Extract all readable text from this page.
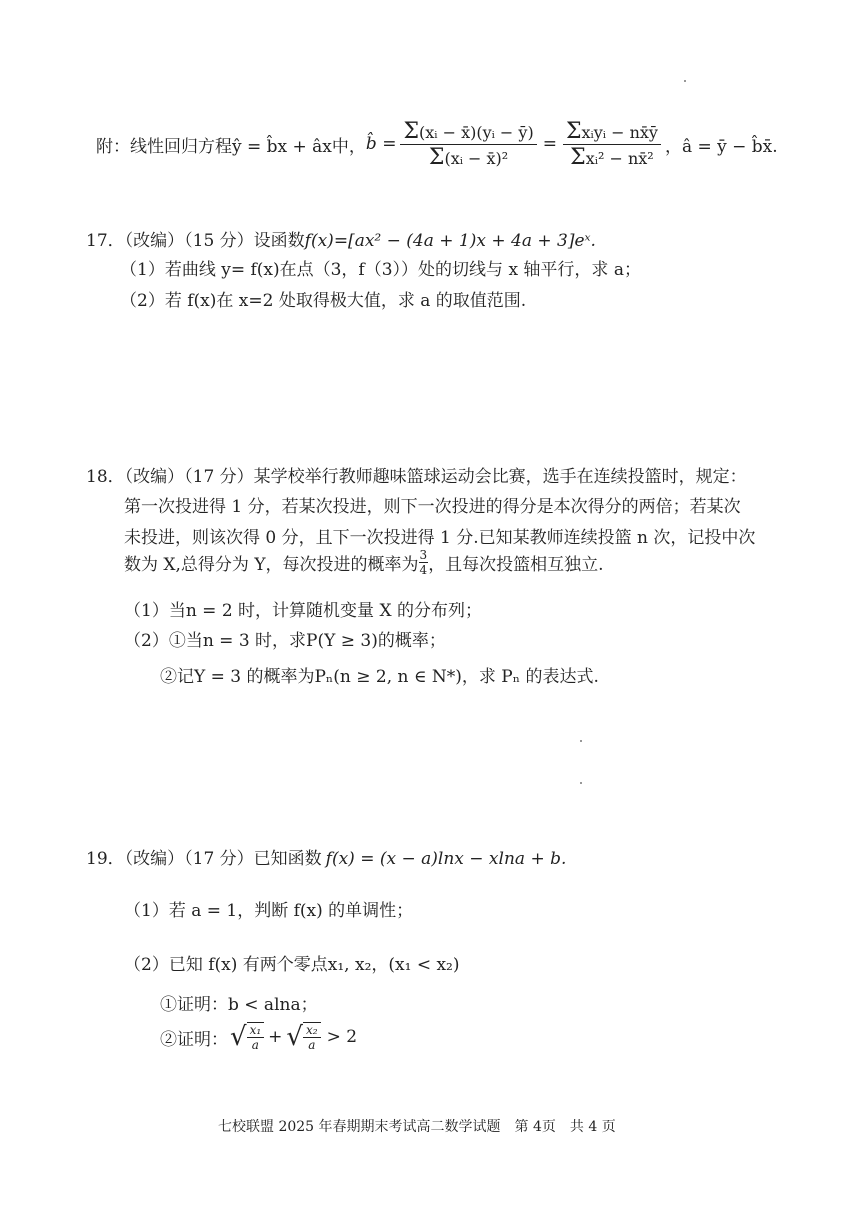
附：线性回归方程ŷ = b̂x + âx中， b̂ = $\frac{\text{Σ(xᵢ − x̄)(yᵢ − ȳ)}}{\text{Σ(xᵢ − x̄)²}} = \frac{\text{Σxᵢyᵢ − nx̄ȳ}}{\text{Σxᵢ² − nx̄²}}$ ，â = ȳ − b̂x̄.
17．（改编）（15 分）设函数f(x)=[ax² − (4a + 1)x + 4a + 3]eˣ.
（1）若曲线 y= f(x)在点（3，f（3））处的切线与 x 轴平行，求 a；
（2）若 f(x)在 x=2 处取得极大值，求 a 的取值范围.
18．（改编）（17 分）某学校举行教师趣味篮球运动会比赛，选手在连续投篮时，规定：
第一次投进得 1 分，若某次投进，则下一次投进的得分是本次得分的两倍；若某次
未投进，则该次得 0 分，且下一次投进得 1 分.已知某教师连续投篮 n 次，记投中次
数为 X,总得分为 Y，每次投进的概率为 $\frac{3}{4}$ ，且每次投篮相互独立.
（1）当n = 2 时，计算随机变量 X 的分布列；
（2）①当n = 3 时，求P(Y ≥ 3)的概率；
②记Y = 3 的概率为Pₙ(n ≥ 2, n ∈ N*)，求 Pₙ 的表达式.
19．（改编）（17 分）已知函数 f(x) = (x − a)lnx − xlna + b.
（1）若 a = 1，判断 f(x) 的单调性；
（2）已知 f(x) 有两个零点x₁, x₂，(x₁ < x₂)
①证明：b < alna；
②证明： √ $\frac{\text{x₁}}{a}$ + √ $\frac{\text{x₂}}{a} > 2$
七校联盟 2025 年春期期末考试高二数学试题　第 4页　共 4 页
